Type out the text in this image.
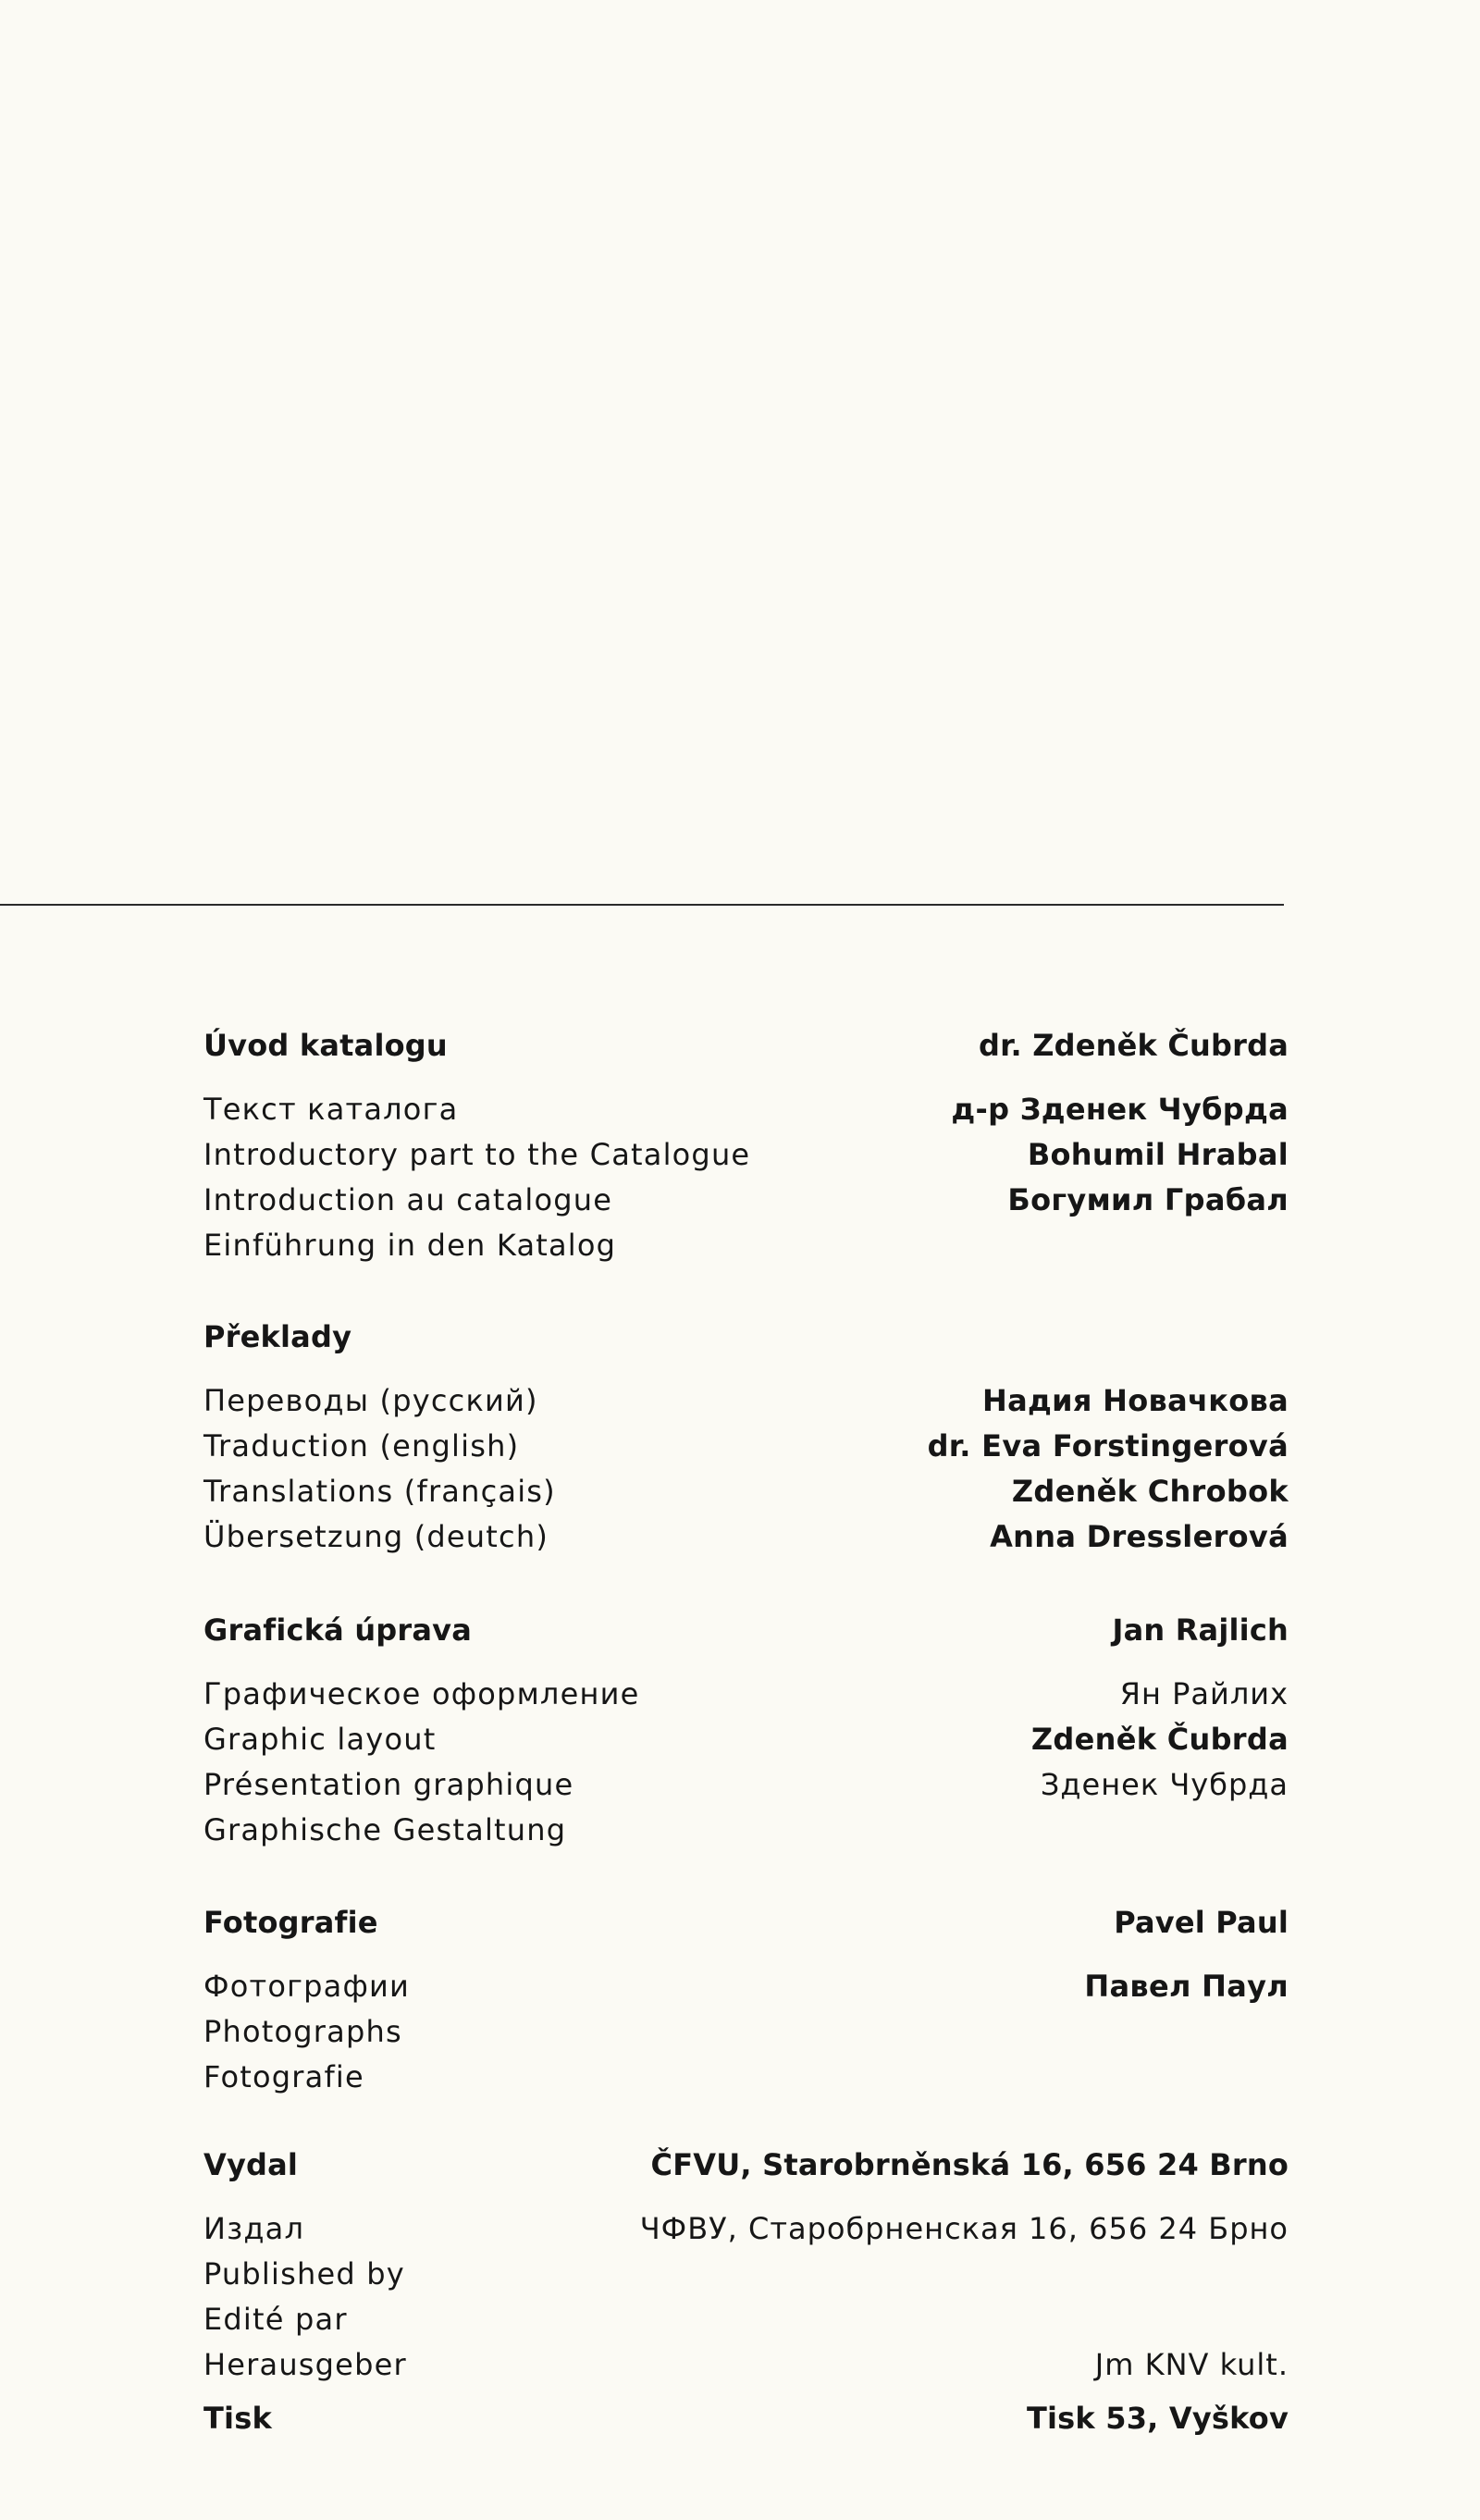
Úvod katalogu	dr. Zdeněk Čubrda
Текст каталога	д-р Зденек Чубрда
Introductory part to the Catalogue	Bohumil Hrabal
Introduction au catalogue	Богумил Грабал
Einführung in den Katalog
Překlady
Переводы (русский)	Надия Новачкова
Traduction (english)	dr. Eva Forstingerová
Translations (français)	Zdeněk Chrobok
Übersetzung (deutch)	Anna Dresslerová
Grafická úprava	Jan Rajlich
Графическое оформление	Ян Райлих
Graphic layout	Zdeněk Čubrda
Présentation graphique	Зденек Чубрда
Graphische Gestaltung
Fotografie	Pavel Paul
Фотографии	Павел Паул
Photographs
Fotografie
Vydal	ČFVU, Starobrněnská 16, 656 24 Brno
Издал	ЧФВУ, Старобрненская 16, 656 24 Брно
Published by
Edité par
Herausgeber	Jm KNV kult.
Tisk	Tisk 53, Vyškov
